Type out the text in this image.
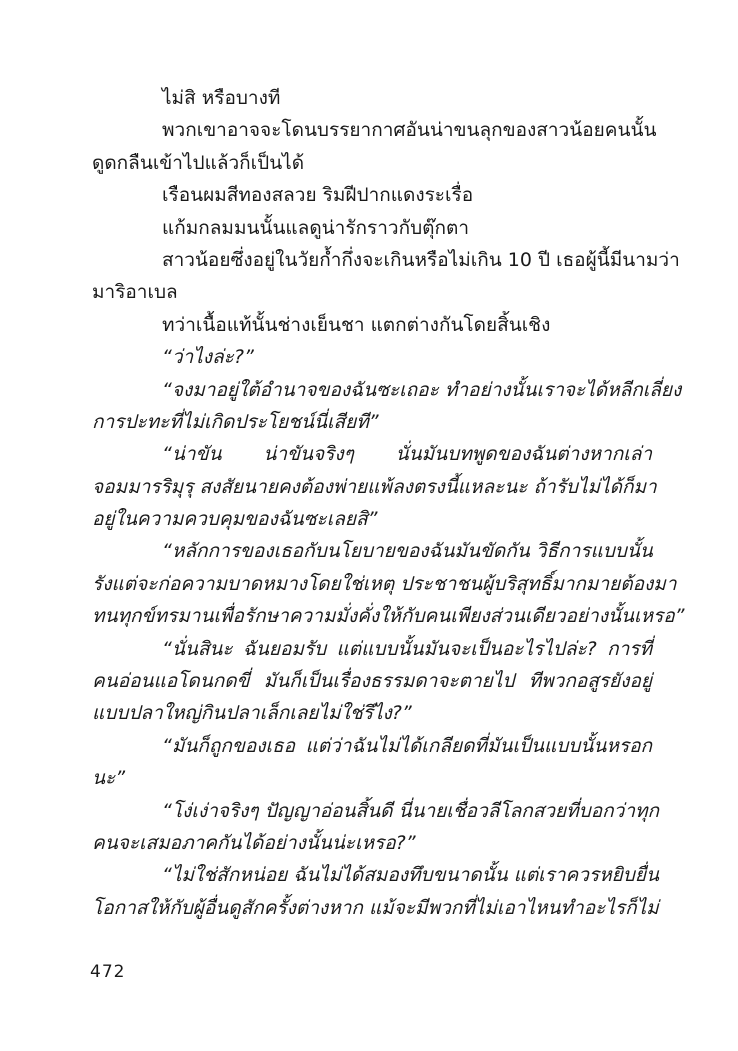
ไม่สิ หรือบางที
พวกเขาอาจจะโดนบรรยากาศอันน่าขนลุกของสาวน้อยคนนั้น
ดูดกลืนเข้าไปแล้วก็เป็นได้
เรือนผมสีทองสลวย ริมฝีปากแดงระเรื่อ
แก้มกลมมนนั้นแลดูน่ารักราวกับตุ๊กตา
สาวน้อยซึ่งอยู่ในวัยก้ำกึ่งจะเกินหรือไม่เกิน 10 ปี เธอผู้นี้มีนามว่า
มาริอาเบล
ทว่าเนื้อแท้นั้นช่างเย็นชา แตกต่างกันโดยสิ้นเชิง
“ว่าไงล่ะ?”
“จงมาอยู่ใต้อำนาจของฉันซะเถอะ ทำอย่างนั้นเราจะได้หลีกเลี่ยง
การปะทะที่ไม่เกิดประโยชน์นี่เสียที”
“น่าขัน น่าขันจริงๆ นั่นมันบทพูดของฉันต่างหากเล่า
จอมมารริมุรุ สงสัยนายคงต้องพ่ายแพ้ลงตรงนี้แหละนะ ถ้ารับไม่ได้ก็มา
อยู่ในความควบคุมของฉันซะเลยสิ”
“หลักการของเธอกับนโยบายของฉันมันขัดกัน วิธีการแบบนั้น
รังแต่จะก่อความบาดหมางโดยใช่เหตุ ประชาชนผู้บริสุทธิ์มากมายต้องมา
ทนทุกข์ทรมานเพื่อรักษาความมั่งคั่งให้กับคนเพียงส่วนเดียวอย่างนั้นเหรอ”
“นั่นสินะ ฉันยอมรับ แต่แบบนั้นมันจะเป็นอะไรไปล่ะ? การที่
คนอ่อนแอโดนกดขี่ มันก็เป็นเรื่องธรรมดาจะตายไป ทีพวกอสูรยังอยู่
แบบปลาใหญ่กินปลาเล็กเลยไม่ใช่รึไง?”
“มันก็ถูกของเธอ แต่ว่าฉันไม่ได้เกลียดที่มันเป็นแบบนั้นหรอก
นะ”
“โง่เง่าจริงๆ ปัญญาอ่อนสิ้นดี นี่นายเชื่อวลีโลกสวยที่บอกว่าทุก
คนจะเสมอภาคกันได้อย่างนั้นน่ะเหรอ?”
“ไม่ใช่สักหน่อย ฉันไม่ได้สมองทึบขนาดนั้น แต่เราควรหยิบยื่น
โอกาสให้กับผู้อื่นดูสักครั้งต่างหาก แม้จะมีพวกที่ไม่เอาไหนทำอะไรก็ไม่
472
